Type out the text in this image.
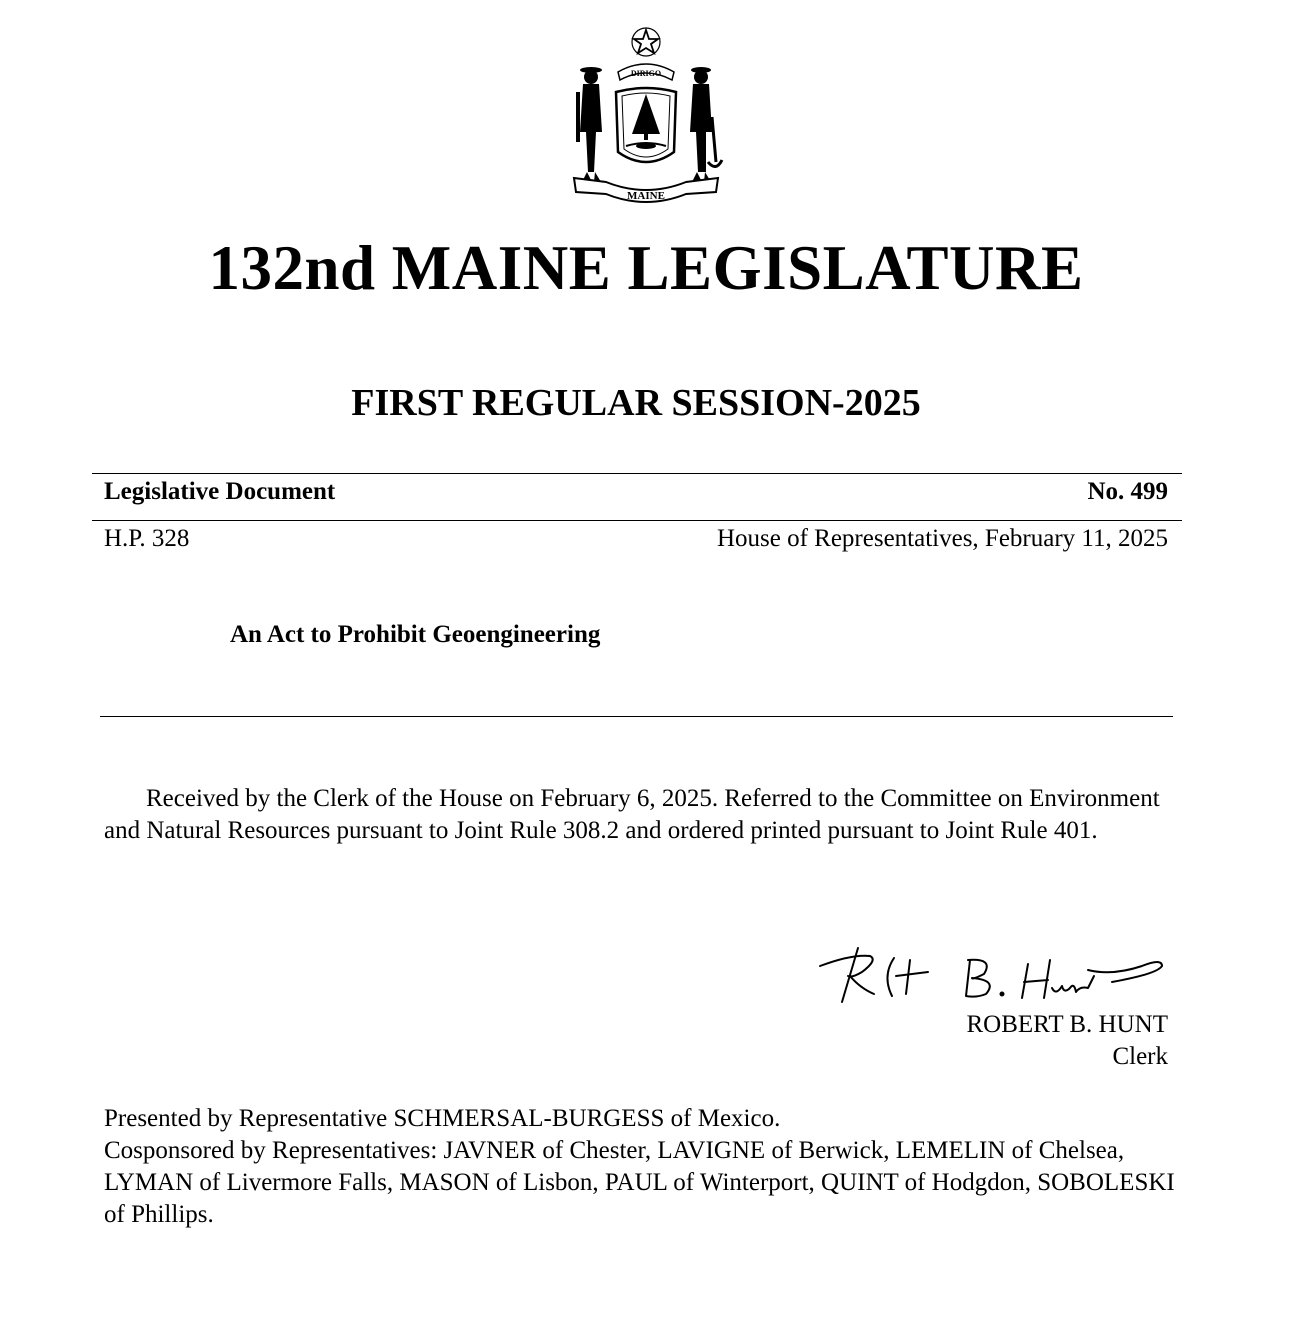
DIRIGO
MAINE
132nd MAINE LEGISLATURE
FIRST REGULAR SESSION-2025
Legislative Document	No. 499
H.P. 328	House of Representatives, February 11, 2025
An Act to Prohibit Geoengineering
Received by the Clerk of the House on February 6, 2025. Referred to the Committee on Environment and Natural Resources pursuant to Joint Rule 308.2 and ordered printed pursuant to Joint Rule 401.
ROBERT B. HUNT
Clerk

Presented by Representative SCHMERSAL-BURGESS of Mexico.

Cosponsored by Representatives: JAVNER of Chester, LAVIGNE of Berwick, LEMELIN of Chelsea, LYMAN of Livermore Falls, MASON of Lisbon, PAUL of Winterport, QUINT of Hodgdon, SOBOLESKI of Phillips.
